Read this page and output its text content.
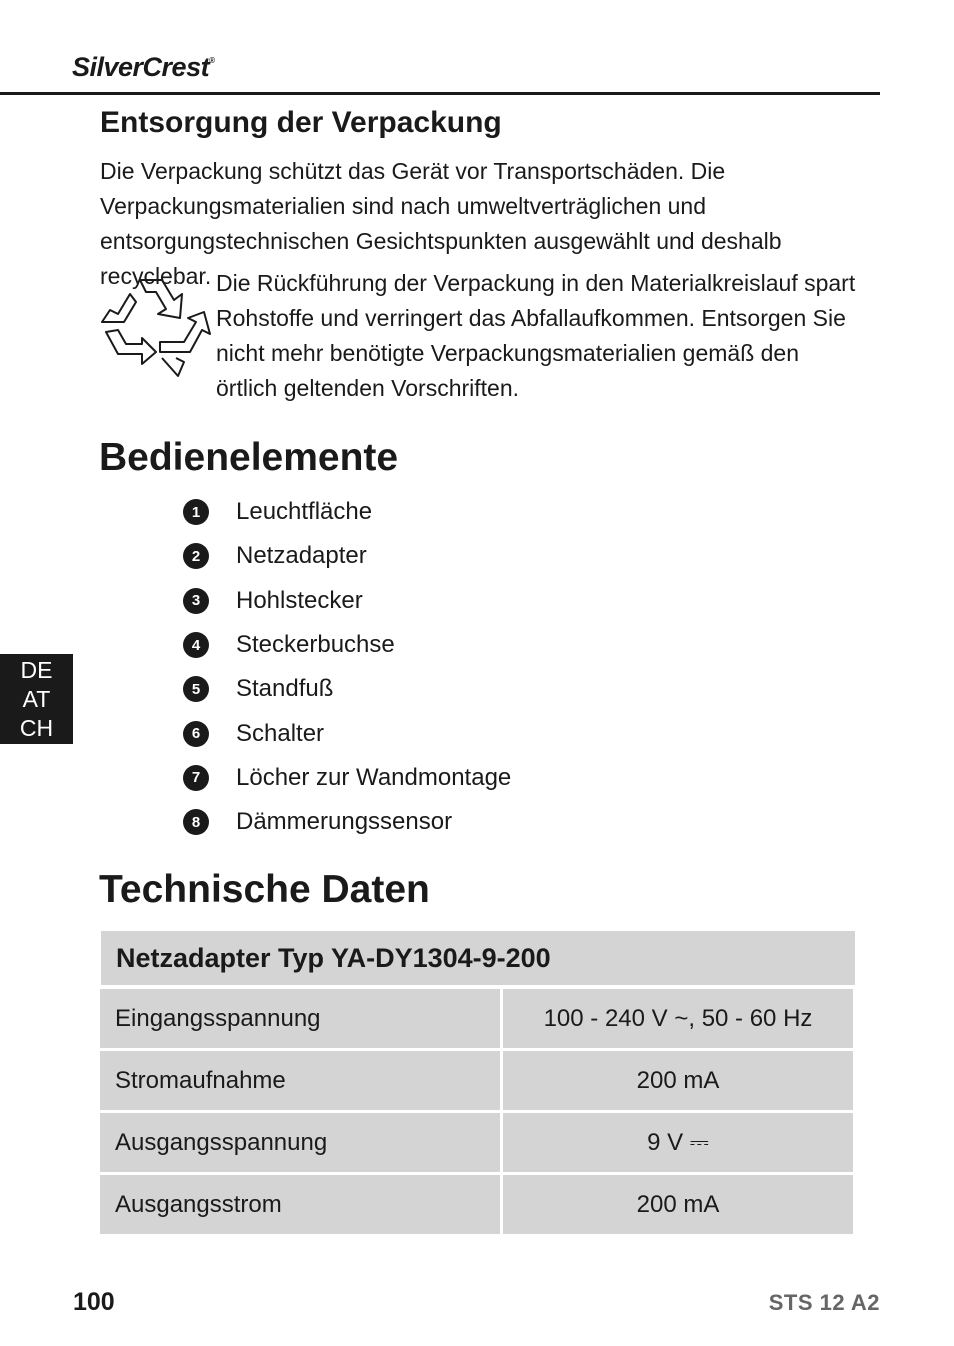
SilverCrest®
Entsorgung der Verpackung

Die Verpackung schützt das Gerät vor Transportschäden. Die Verpackungsmaterialien sind nach umweltverträglichen und entsorgungstechnischen Gesichtspunkten ausgewählt und deshalb recyclebar. Die Rückführung der Verpackung in den Materialkreislauf spart Rohstoffe und verringert das Abfallaufkommen. Entsorgen Sie nicht mehr benötigte Verpackungsmaterialien gemäß den örtlich geltenden Vorschriften.

Bedienelemente
1	Leuchtfläche
2	Netzadapter
3	Hohlstecker
4	Steckerbuchse
5	Standfuß
6	Schalter
7	Löcher zur Wandmontage
8	Dämmerungssensor
DE
AT
CH
Technische Daten
Netzadapter Typ YA-DY1304-9-200
Eingangsspannung	100 - 240 V ~, 50 - 60 Hz
Stromaufnahme	200 mA
Ausgangsspannung	9 V ⎓
Ausgangsstrom	200 mA
100	STS 12 A2
